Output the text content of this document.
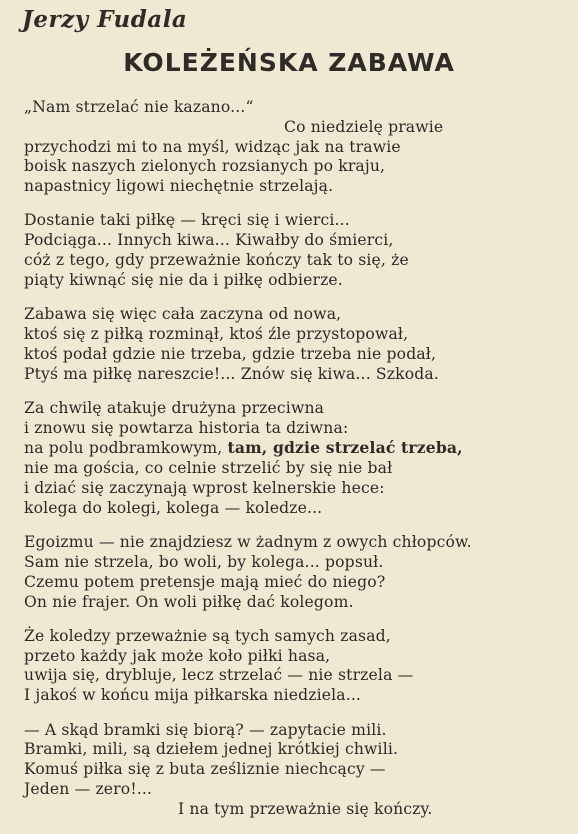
Jerzy Fudala
KOLEŻEŃSKA ZABAWA
„Nam strzelać nie kazano...“
Co niedzielę prawie
przychodzi mi to na myśl, widząc jak na trawie
boisk naszych zielonych rozsianych po kraju,
napastnicy ligowi niechętnie strzelają.
Dostanie taki piłkę — kręci się i wierci...
Podciąga... Innych kiwa... Kiwałby do śmierci,
cóż z tego, gdy przeważnie kończy tak to się, że
piąty kiwnąć się nie da i piłkę odbierze.
Zabawa się więc cała zaczyna od nowa,
ktoś się z piłką rozminął, ktoś źle przystopował,
ktoś podał gdzie nie trzeba, gdzie trzeba nie podał,
Ptyś ma piłkę nareszcie!... Znów się kiwa... Szkoda.
Za chwilę atakuje drużyna przeciwna
i znowu się powtarza historia ta dziwna:
na polu podbramkowym, tam, gdzie strzelać trzeba,
nie ma gościa, co celnie strzelić by się nie bał
i dziać się zaczynają wprost kelnerskie hece:
kolega do kolegi, kolega — koledze...
Egoizmu — nie znajdziesz w żadnym z owych chłopców.
Sam nie strzela, bo woli, by kolega... popsuł.
Czemu potem pretensje mają mieć do niego?
On nie frajer. On woli piłkę dać kolegom.
Że koledzy przeważnie są tych samych zasad,
przeto każdy jak może koło piłki hasa,
uwija się, drybluje, lecz strzelać — nie strzela —
I jakoś w końcu mija piłkarska niedziela...
— A skąd bramki się biorą? — zapytacie mili.
Bramki, mili, są dziełem jednej krótkiej chwili.
Komuś piłka się z buta ześliznie niechcący —
Jeden — zero!...
I na tym przeważnie się kończy.
